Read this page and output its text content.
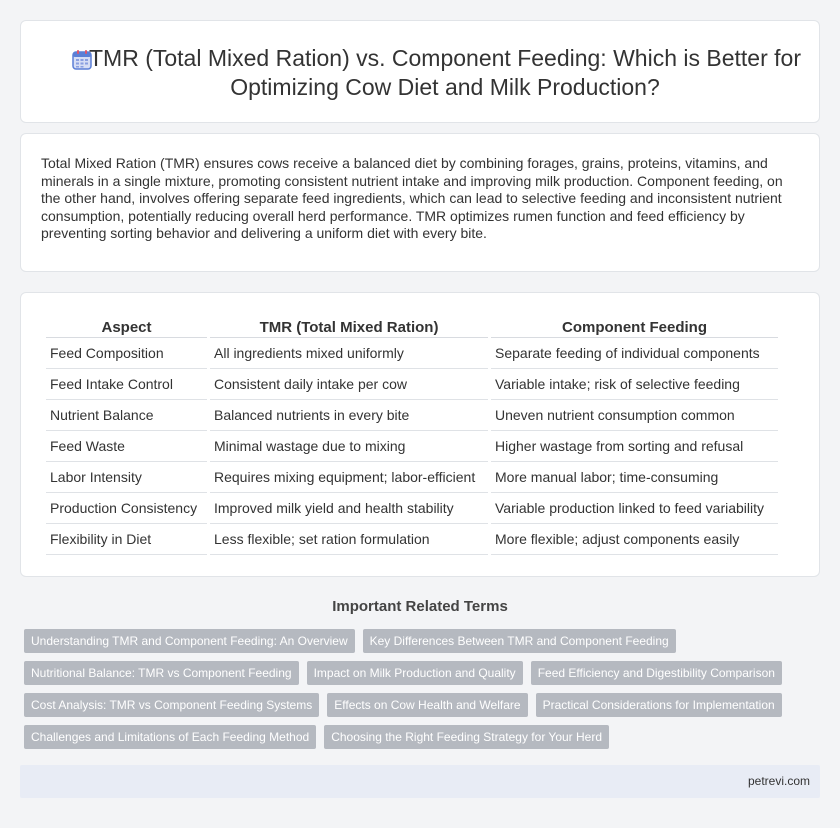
TMR (Total Mixed Ration) vs. Component Feeding: Which is Better for Optimizing Cow Diet and Milk Production?

Total Mixed Ration (TMR) ensures cows receive a balanced diet by combining forages, grains, proteins, vitamins, and minerals in a single mixture, promoting consistent nutrient intake and improving milk production. Component feeding, on the other hand, involves offering separate feed ingredients, which can lead to selective feeding and inconsistent nutrient consumption, potentially reducing overall herd performance. TMR optimizes rumen function and feed efficiency by preventing sorting behavior and delivering a uniform diet with every bite.

Aspect	TMR (Total Mixed Ration)	Component Feeding
Feed Composition	All ingredients mixed uniformly	Separate feeding of individual components
Feed Intake Control	Consistent daily intake per cow	Variable intake; risk of selective feeding
Nutrient Balance	Balanced nutrients in every bite	Uneven nutrient consumption common
Feed Waste	Minimal wastage due to mixing	Higher wastage from sorting and refusal
Labor Intensity	Requires mixing equipment; labor-efficient	More manual labor; time-consuming
Production Consistency	Improved milk yield and health stability	Variable production linked to feed variability
Flexibility in Diet	Less flexible; set ration formulation	More flexible; adjust components easily
Important Related Terms
Understanding TMR and Component Feeding: An Overview	Key Differences Between TMR and Component Feeding
Nutritional Balance: TMR vs Component Feeding	Impact on Milk Production and Quality	Feed Efficiency and Digestibility Comparison
Cost Analysis: TMR vs Component Feeding Systems	Effects on Cow Health and Welfare	Practical Considerations for Implementation
Challenges and Limitations of Each Feeding Method	Choosing the Right Feeding Strategy for Your Herd
petrevi.com
